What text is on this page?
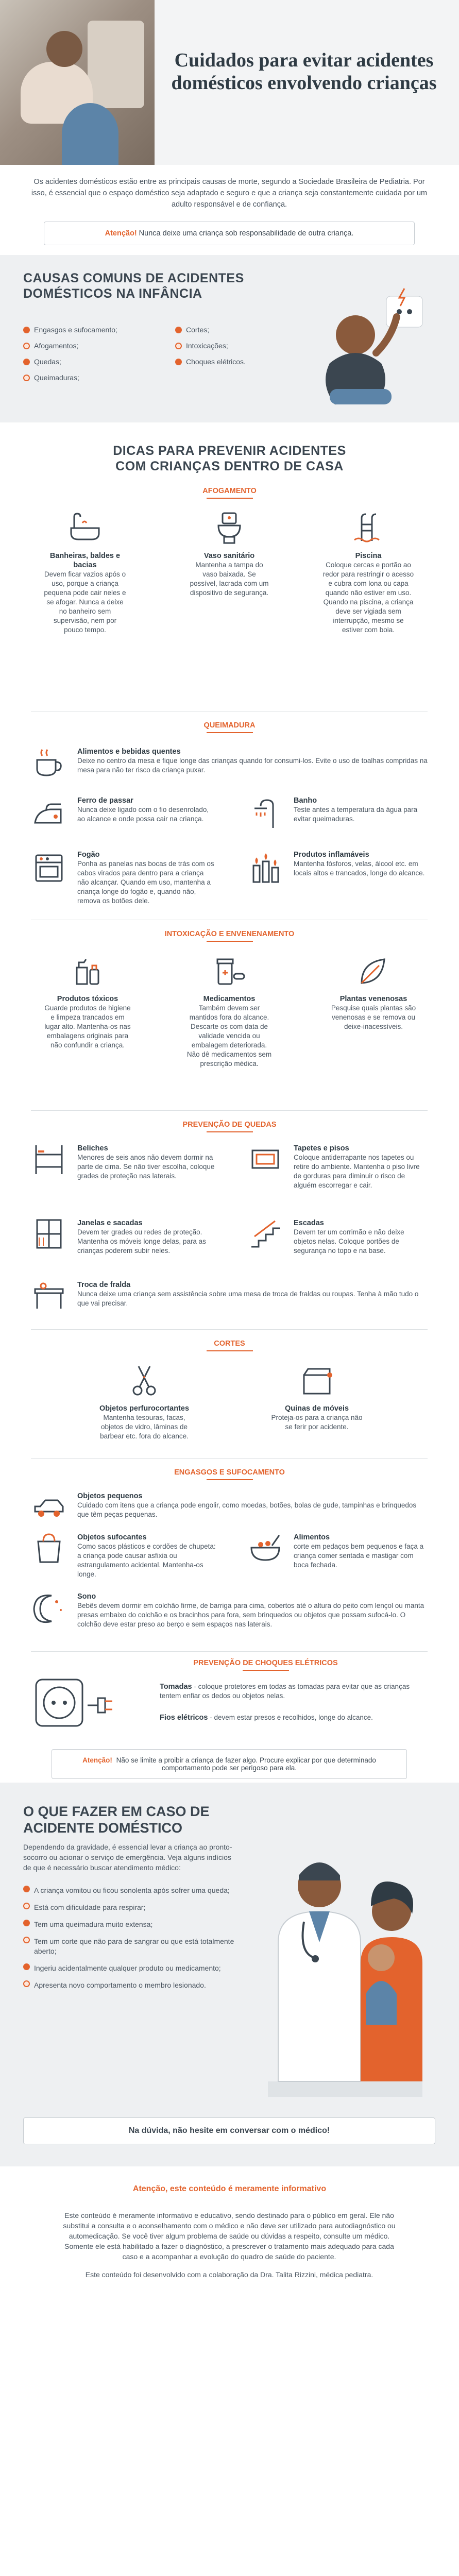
Cuidados para evitar acidentes domésticos envolvendo crianças

Os acidentes domésticos estão entre as principais causas de morte, segundo a Sociedade Brasileira de Pediatria. Por isso, é essencial que o espaço doméstico seja adaptado e seguro e que a criança seja constantemente cuidada por um adulto responsável e de confiança.

Atenção! Nunca deixe uma criança sob responsabilidade de outra criança.
CAUSAS COMUNS DE ACIDENTES DOMÉSTICOS NA INFÂNCIA
Engasgos e sufocamento;
Afogamentos;
Quedas;
Queimaduras;
Cortes;
Intoxicações;
Choques elétricos.
DICAS PARA PREVENIR ACIDENTES COM CRIANÇAS DENTRO DE CASA
AFOGAMENTO
Banheiras, baldes e bacias
Devem ficar vazios após o uso, porque a criança pequena pode cair neles e se afogar. Nunca a deixe no banheiro sem supervisão, nem por pouco tempo.
Vaso sanitário
Mantenha a tampa do vaso baixada. Se possível, lacrada com um dispositivo de segurança.
Piscina
Coloque cercas e portão ao redor para restringir o acesso e cubra com lona ou capa quando não estiver em uso. Quando na piscina, a criança deve ser vigiada sem interrupção, mesmo se estiver com boia.
QUEIMADURA
Alimentos e bebidas quentes
Deixe no centro da mesa e fique longe das crianças quando for consumi-los. Evite o uso de toalhas compridas na mesa para não ter risco da criança puxar.
Ferro de passar
Nunca deixe ligado com o fio desenrolado, ao alcance e onde possa cair na criança.
Banho
Teste antes a temperatura da água para evitar queimaduras.
Fogão
Ponha as panelas nas bocas de trás com os cabos virados para dentro para a criança não alcançar. Quando em uso, mantenha a criança longe do fogão e, quando não, remova os botões dele.
Produtos inflamáveis
Mantenha fósforos, velas, álcool etc. em locais altos e trancados, longe do alcance.
INTOXICAÇÃO E ENVENENAMENTO
Produtos tóxicos
Guarde produtos de higiene e limpeza trancados em lugar alto. Mantenha-os nas embalagens originais para não confundir a criança.
Medicamentos
Também devem ser mantidos fora do alcance. Descarte os com data de validade vencida ou embalagem deteriorada. Não dê medicamentos sem prescrição médica.
Plantas venenosas
Pesquise quais plantas são venenosas e se remova ou deixe-inacessíveis.
PREVENÇÃO DE QUEDAS
Beliches
Menores de seis anos não devem dormir na parte de cima. Se não tiver escolha, coloque grades de proteção nas laterais.
Tapetes e pisos
Coloque antiderrapante nos tapetes ou retire do ambiente. Mantenha o piso livre de gorduras para diminuir o risco de alguém escorregar e cair.
Janelas e sacadas
Devem ter grades ou redes de proteção. Mantenha os móveis longe delas, para as crianças poderem subir neles.
Escadas
Devem ter um corrimão e não deixe objetos nelas. Coloque portões de segurança no topo e na base.
Troca de fralda
Nunca deixe uma criança sem assistência sobre uma mesa de troca de fraldas ou roupas. Tenha à mão tudo o que vai precisar.
CORTES
Objetos perfurocortantes
Mantenha tesouras, facas, objetos de vidro, lâminas de barbear etc. fora do alcance.
Quinas de móveis
Proteja-os para a criança não se ferir por acidente.
ENGASGOS E SUFOCAMENTO
Objetos pequenos
Cuidado com itens que a criança pode engolir, como moedas, botões, bolas de gude, tampinhas e brinquedos que têm peças pequenas.
Objetos sufocantes
Como sacos plásticos e cordões de chupeta: a criança pode causar asfixia ou estrangulamento acidental. Mantenha-os longe.
Alimentos
corte em pedaços bem pequenos e faça a criança comer sentada e mastigar com boca fechada.
Sono
Bebês devem dormir em colchão firme, de barriga para cima, cobertos até o altura do peito com lençol ou manta presas embaixo do colchão e os bracinhos para fora, sem brinquedos ou objetos que possam sufocá-lo. O colchão deve estar preso ao berço e sem espaços nas laterais.
PREVENÇÃO DE CHOQUES ELÉTRICOS
Tomadas - coloque protetores em todas as tomadas para evitar que as crianças tentem enfiar os dedos ou objetos nelas.
Fios elétricos - devem estar presos e recolhidos, longe do alcance.
Atenção! Não se limite a proibir a criança de fazer algo. Procure explicar por que determinado comportamento pode ser perigoso para ela.
O QUE FAZER EM CASO DE ACIDENTE DOMÉSTICO

Dependendo da gravidade, é essencial levar a criança ao pronto-socorro ou acionar o serviço de emergência. Veja alguns indícios de que é necessário buscar atendimento médico:

A criança vomitou ou ficou sonolenta após sofrer uma queda;
Está com dificuldade para respirar;
Tem uma queimadura muito extensa;
Tem um corte que não para de sangrar ou que está totalmente aberto;
Ingeriu acidentalmente qualquer produto ou medicamento;
Apresenta novo comportamento o membro lesionado.
Na dúvida, não hesite em conversar com o médico!
Atenção, este conteúdo é meramente informativo

Este conteúdo é meramente informativo e educativo, sendo destinado para o público em geral. Ele não substitui a consulta e o aconselhamento com o médico e não deve ser utilizado para autodiagnóstico ou automedicação. Se você tiver algum problema de saúde ou dúvidas a respeito, consulte um médico. Somente ele está habilitado a fazer o diagnóstico, a prescrever o tratamento mais adequado para cada caso e a acompanhar a evolução do quadro de saúde do paciente.

Este conteúdo foi desenvolvido com a colaboração da Dra. Talita Rizzini, médica pediatra.
